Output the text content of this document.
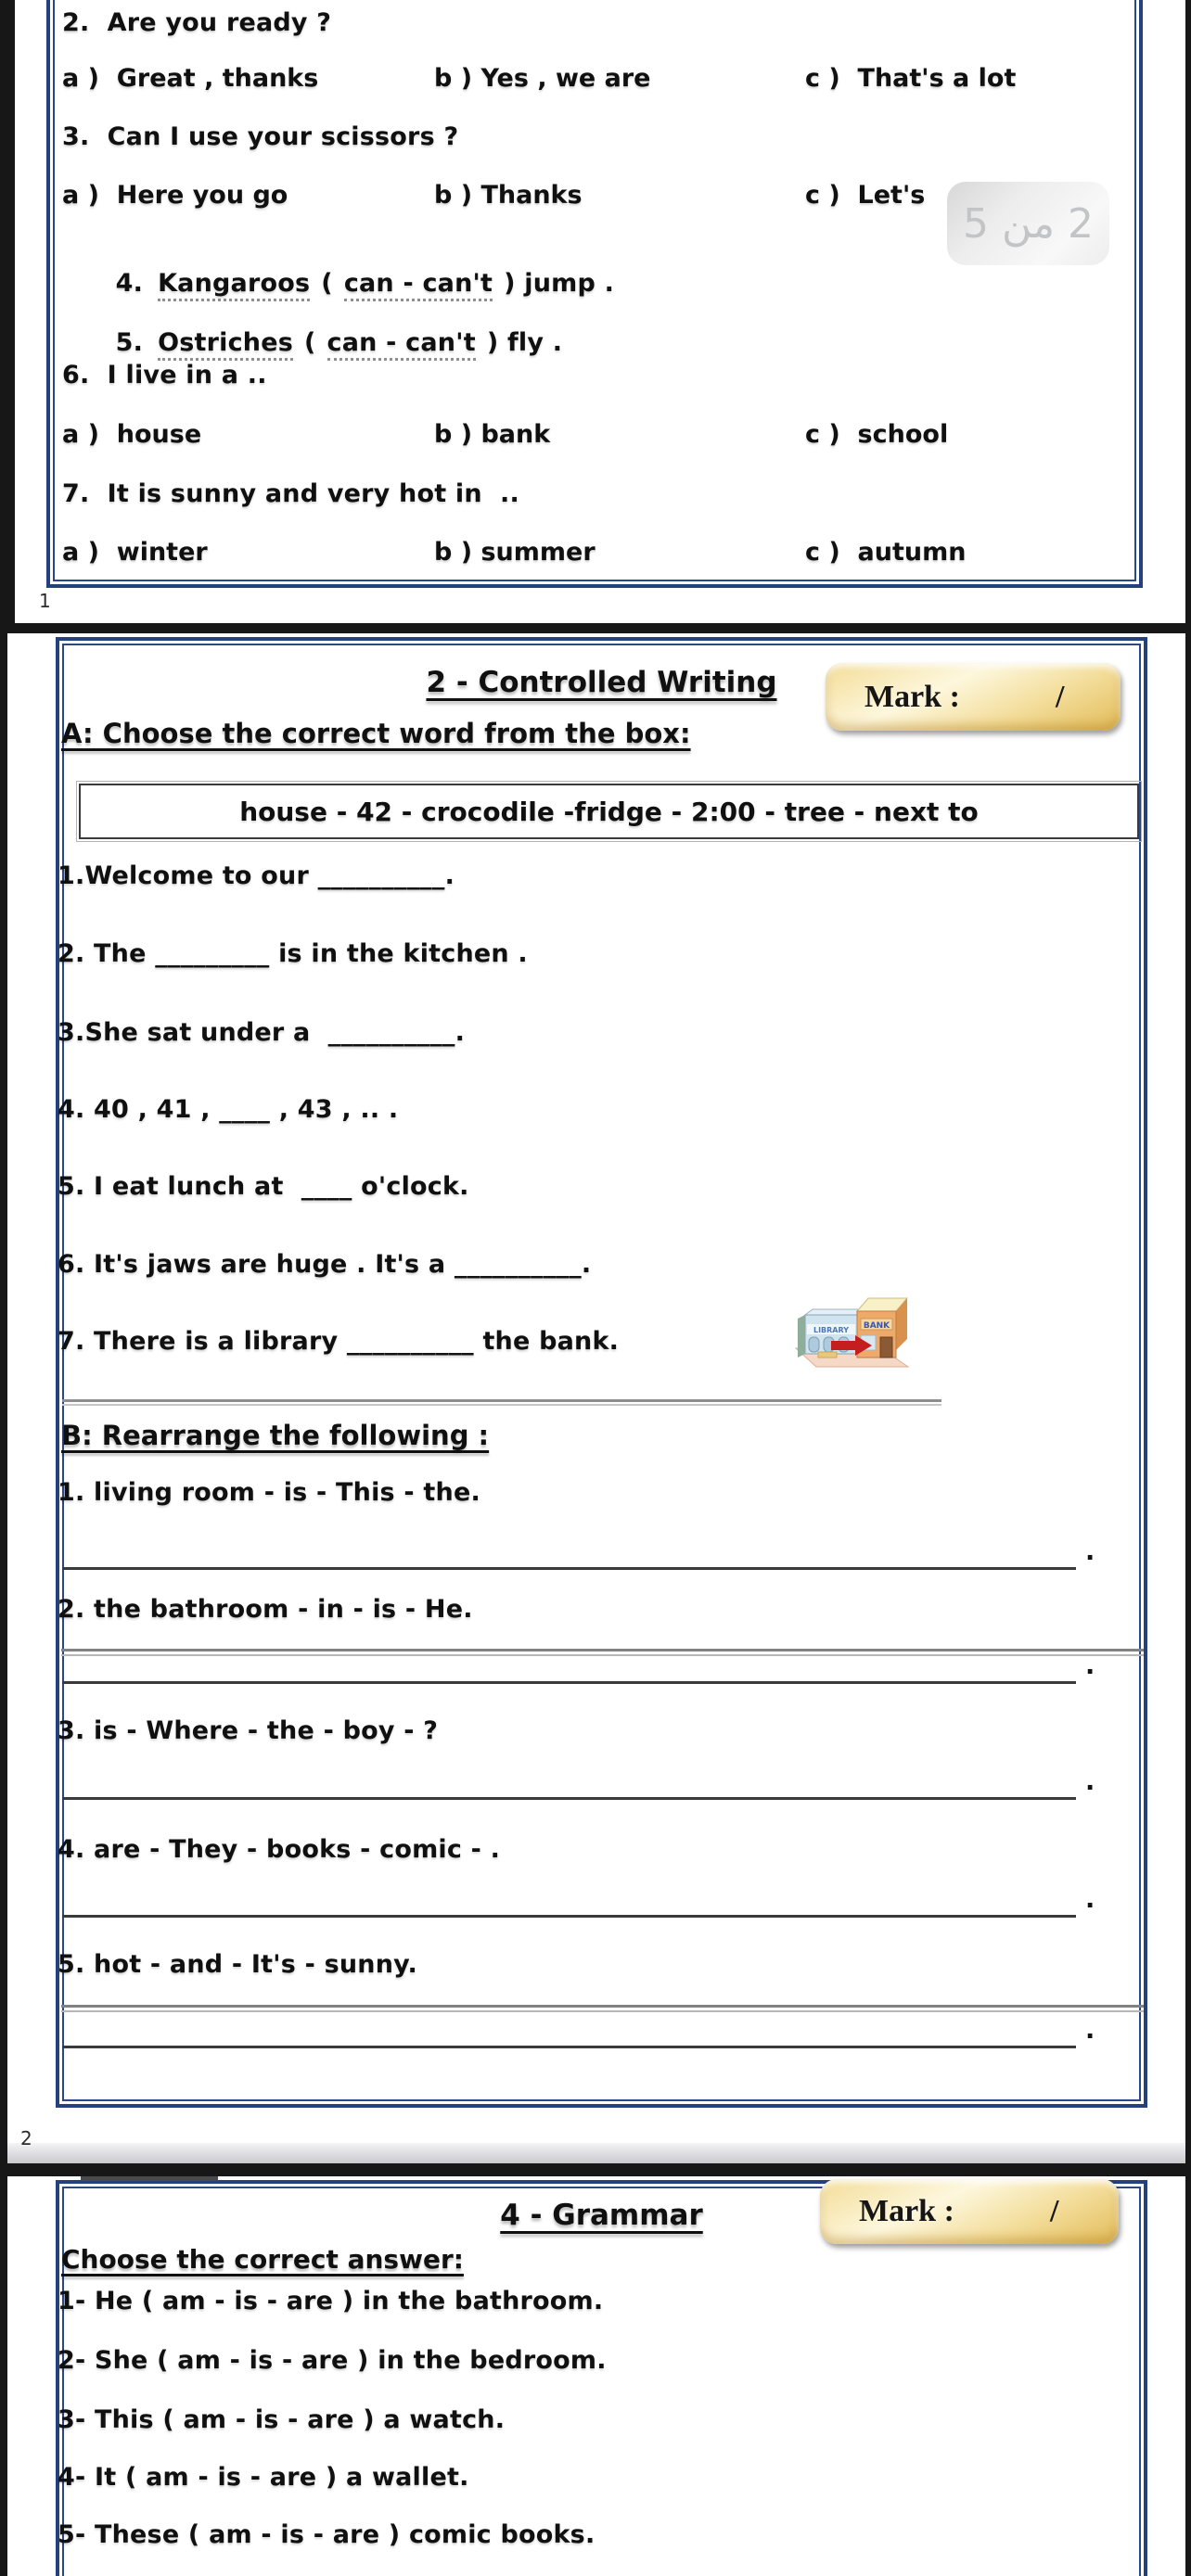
2.  Are you ready ?
a )  Great , thanks	b ) Yes , we are	c )  That's a lot
3.  Can I use your scissors ?
a )  Here you go	b ) Thanks	c )  Let's

4. Kangaroos ( can - can't ) jump .

5. Ostriches ( can - can't ) fly .

6.  I live in a ..
a )  house	b ) bank	c )  school
7.  It is sunny and very hot in  ..
a )  winter	b ) summer	c )  autumn
1
2 من 5
2 - Controlled Writing	Mark :	/
A: Choose the correct word from the box:
house - 42 - crocodile -fridge - 2:00 - tree - next to
1.Welcome to our __________.
2. The _________ is in the kitchen .
3.She sat under a  __________.
4. 40 , 41 , ____ , 43 , .. .
5. I eat lunch at  ____ o'clock.
6. It's jaws are huge . It's a __________.
7. There is a library __________ the bank.	LIBRARY BANK
B: Rearrange the following :
1. living room - is - This - the.
.
2. the bathroom - in - is - He.
.
3. is - Where - the - boy - ?
.
4. are - They - books - comic - .
.
5. hot - and - It's - sunny.
.
2
4 - Grammar	Mark :	/
Choose the correct answer:
1- He ( am - is - are ) in the bathroom.
2- She ( am - is - are ) in the bedroom.
3- This ( am - is - are ) a watch.
4- It ( am - is - are ) a wallet.
5- These ( am - is - are ) comic books.
